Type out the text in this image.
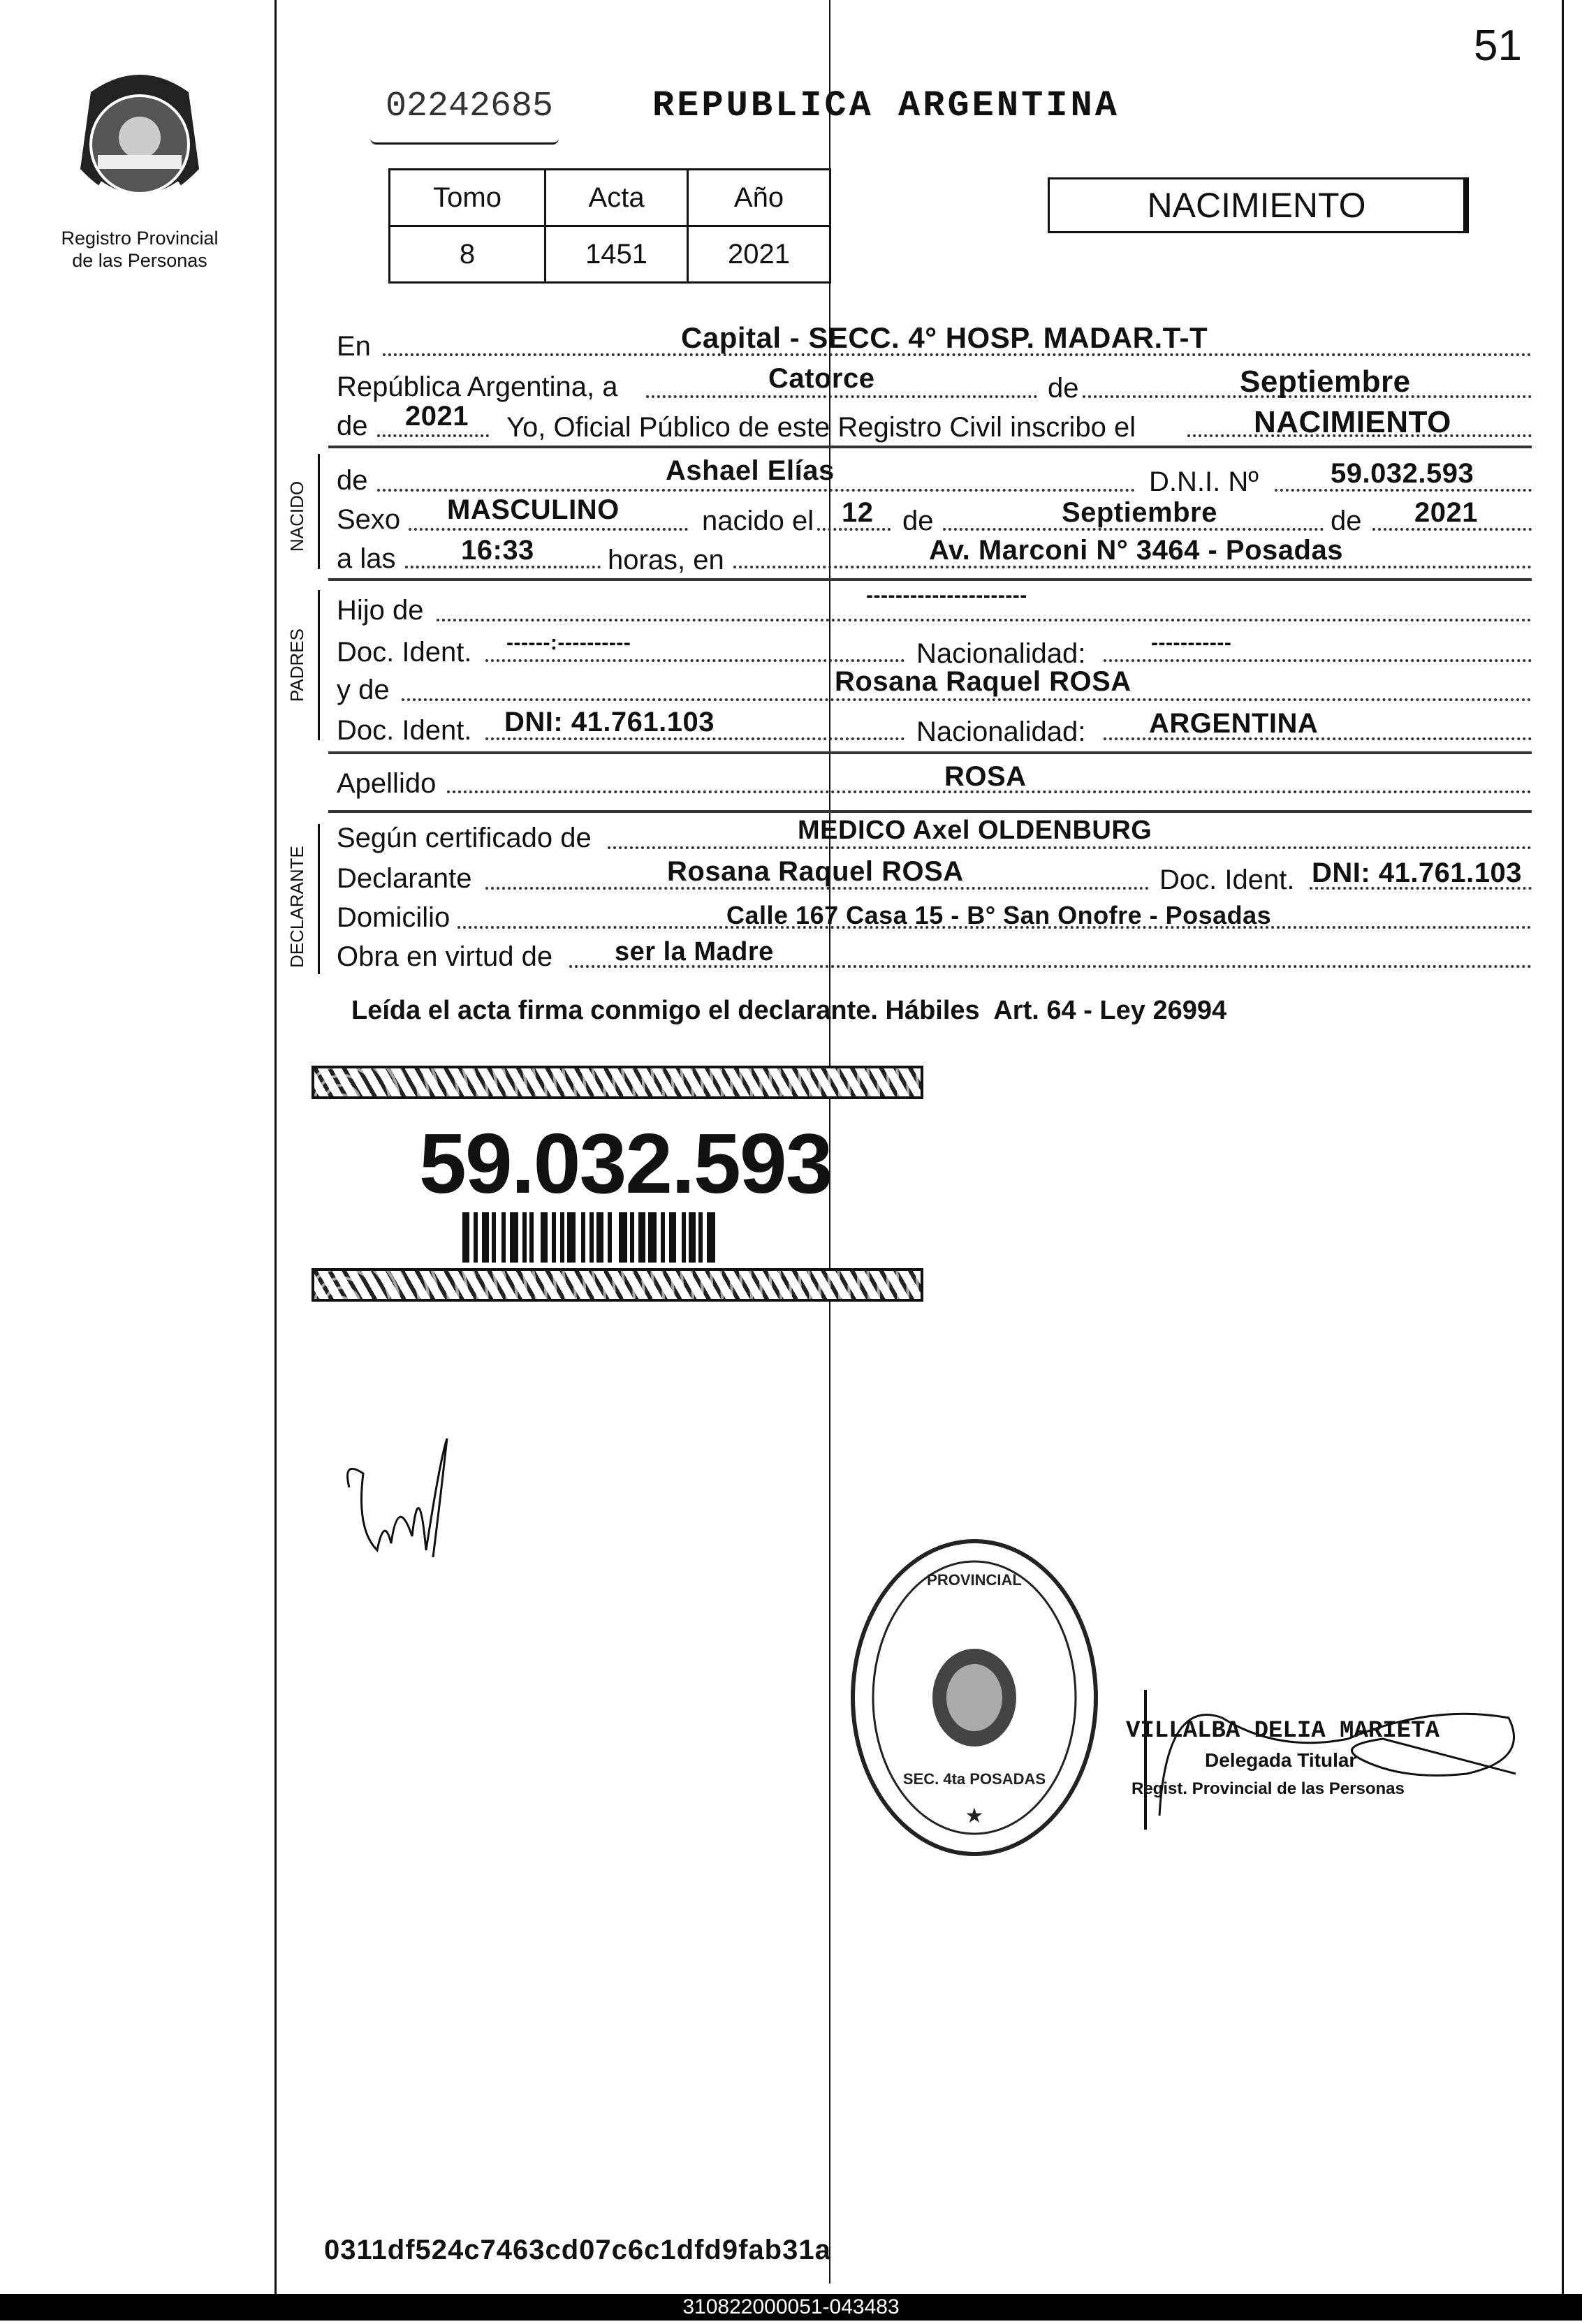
51
Registro Provincial
de las Personas
02242685	REPUBLICA ARGENTINA
Tomo	Acta	Año
8	1451	2021
NACIMIENTO
En	Capital - SECC. 4° HOSP. MADAR.T-T
República Argentina, a	Catorce	de	Septiembre
de 2021 Yo, Oficial Público de este Registro Civil inscribo el	NACIMIENTO
NACIDO
de	Ashael Elías	D.N.I. Nº	59.032.593
Sexo MASCULINO	nacido el 12 de	Septiembre	de 2021
a las 16:33	horas, en	Av. Marconi N° 3464 - Posadas
PADRES
Hijo de	----------------------
Doc. Ident. ------:----------	Nacionalidad:	-----------
y de	Rosana Raquel ROSA
Doc. Ident. DNI: 41.761.103	Nacionalidad: ARGENTINA
Apellido	ROSA
DECLARANTE
Según certificado de	MEDICO Axel OLDENBURG
Declarante	Rosana Raquel ROSA	Doc. Ident. DNI: 41.761.103
Domicilio	Calle 167 Casa 15 - B° San Onofre - Posadas
Obra en virtud de ser la Madre
Leída el acta firma conmigo el declarante. Hábiles  Art. 64 - Ley 26994
59.032.593
PROVINCIAL
SEC. 4ta POSADAS
★
VILLALBA DELIA MARIETA
Delegada Titular
Regist. Provincial de las Personas
0311df524c7463cd07c6c1dfd9fab31a
310822000051-043483
